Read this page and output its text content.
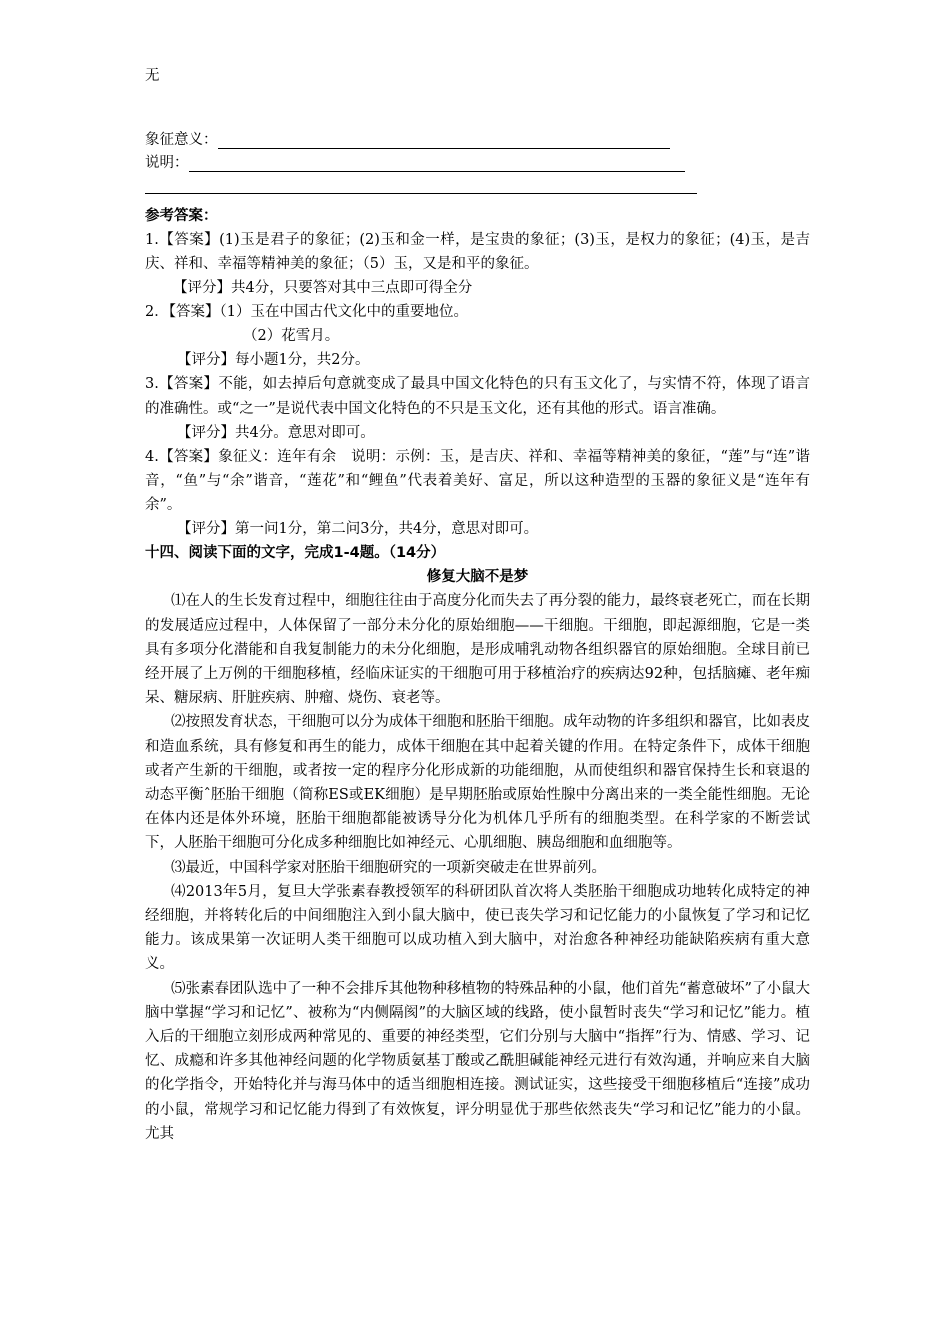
无
象征意义：
说明：
参考答案：

1.【答案】(1)玉是君子的象征；(2)玉和金一样，是宝贵的象征；(3)玉，是权力的象征；(4)玉，是吉庆、祥和、幸福等精神美的象征；（5）玉，又是和平的象征。

【评分】共4分，只要答对其中三点即可得全分
2．【答案】（1）玉在中国古代文化中的重要地位。
（2）花雪月。
【评分】每小题1分，共2分。

3.【答案】不能，如去掉后句意就变成了最具中国文化特色的只有玉文化了，与实情不符，体现了语言的准确性。或“之一”是说代表中国文化特色的不只是玉文化，还有其他的形式。语言准确。

【评分】共4分。意思对即可。

4.【答案】象征义：连年有余　说明：示例：玉，是吉庆、祥和、幸福等精神美的象征，“莲”与“连”谐音，“鱼”与“余”谐音，“莲花”和“鲤鱼”代表着美好、富足，所以这种造型的玉器的象征义是“连年有余”。

【评分】第一问1分，第二问3分，共4分，意思对即可。
十四、阅读下面的文字，完成1-4题。（14分）
修复大脑不是梦

⑴在人的生长发育过程中，细胞往往由于高度分化而失去了再分裂的能力，最终衰老死亡，而在长期的发展适应过程中，人体保留了一部分未分化的原始细胞——干细胞。干细胞，即起源细胞，它是一类具有多项分化潜能和自我复制能力的未分化细胞，是形成哺乳动物各组织器官的原始细胞。全球目前已经开展了上万例的干细胞移植，经临床证实的干细胞可用于移植治疗的疾病达92种，包括脑瘫、老年痴呆、糖尿病、肝脏疾病、肿瘤、烧伤、衰老等。

⑵按照发育状态，干细胞可以分为成体干细胞和胚胎干细胞。成年动物的许多组织和器官，比如表皮和造血系统，具有修复和再生的能力，成体干细胞在其中起着关键的作用。在特定条件下，成体干细胞或者产生新的干细胞，或者按一定的程序分化形成新的功能细胞，从而使组织和器官保持生长和衰退的动态平衡ˆ胚胎干细胞（简称ES或EK细胞）是早期胚胎或原始性腺中分离出来的一类全能性细胞。无论在体内还是体外环境，胚胎干细胞都能被诱导分化为机体几乎所有的细胞类型。在科学家的不断尝试下，人胚胎干细胞可分化成多种细胞比如神经元、心肌细胞、胰岛细胞和血细胞等。

⑶最近，中国科学家对胚胎干细胞研究的一项新突破走在世界前列。

⑷2013年5月，复旦大学张素春教授领军的科研团队首次将人类胚胎干细胞成功地转化成特定的神经细胞，并将转化后的中间细胞注入到小鼠大脑中，使已丧失学习和记忆能力的小鼠恢复了学习和记忆能力。该成果第一次证明人类干细胞可以成功植入到大脑中，对治愈各种神经功能缺陷疾病有重大意义。

⑸张素春团队选中了一种不会排斥其他物种移植物的特殊品种的小鼠，他们首先“蓄意破坏”了小鼠大脑中掌握“学习和记忆”、被称为“内侧隔阂”的大脑区域的线路，使小鼠暂时丧失“学习和记忆”能力。植入后的干细胞立刻形成两种常见的、重要的神经类型，它们分别与大脑中“指挥”行为、情感、学习、记忆、成瘾和许多其他神经问题的化学物质氨基丁酸或乙酰胆碱能神经元进行有效沟通，并响应来自大脑的化学指令，开始特化并与海马体中的适当细胞相连接。测试证实，这些接受干细胞移植后“连接”成功的小鼠，常规学习和记忆能力得到了有效恢复，评分明显优于那些依然丧失“学习和记忆”能力的小鼠。尤其
